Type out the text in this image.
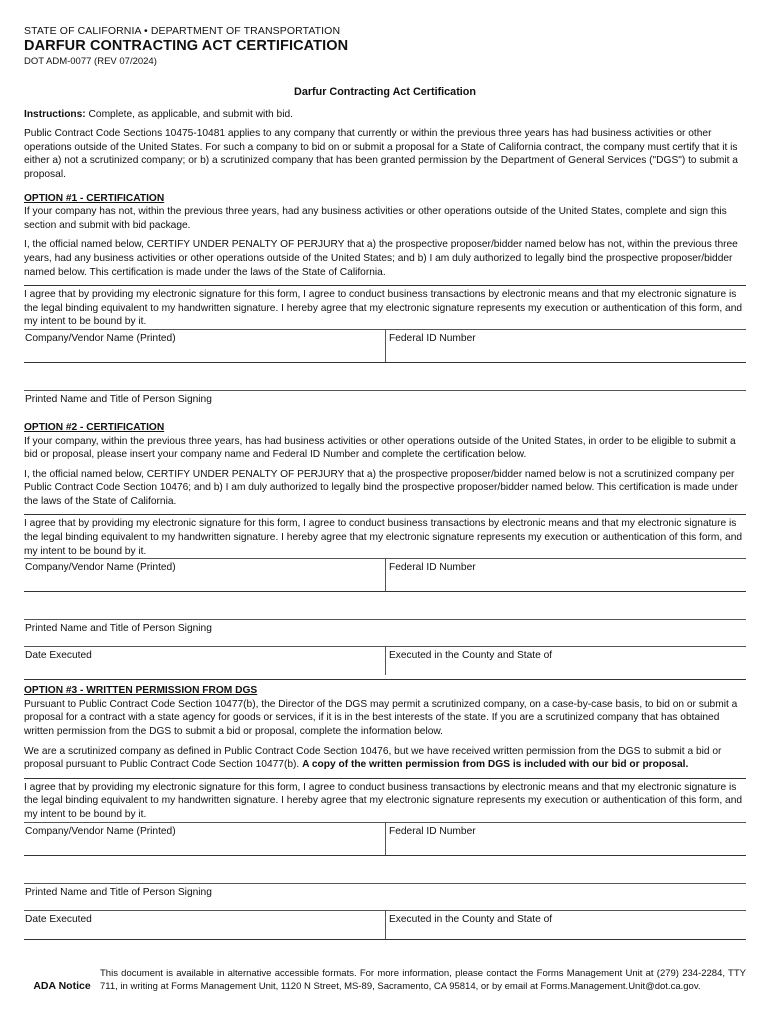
STATE OF CALIFORNIA • DEPARTMENT OF TRANSPORTATION
DARFUR CONTRACTING ACT CERTIFICATION
DOT ADM-0077 (REV 07/2024)
Darfur Contracting Act Certification

Instructions: Complete, as applicable, and submit with bid.

Public Contract Code Sections 10475-10481 applies to any company that currently or within the previous three years has had business activities or other operations outside of the United States. For such a company to bid on or submit a proposal for a State of California contract, the company must certify that it is either a) not a scrutinized company; or b) a scrutinized company that has been granted permission by the Department of General Services ("DGS") to submit a proposal.

OPTION #1 - CERTIFICATION

If your company has not, within the previous three years, had any business activities or other operations outside of the United States, complete and sign this section and submit with bid package.

I, the official named below, CERTIFY UNDER PENALTY OF PERJURY that a) the prospective proposer/bidder named below has not, within the previous three years, had any business activities or other operations outside of the United States; and b) I am duly authorized to legally bind the prospective proposer/bidder named below. This certification is made under the laws of the State of California.

I agree that by providing my electronic signature for this form, I agree to conduct business transactions by electronic means and that my electronic signature is the legal binding equivalent to my handwritten signature. I hereby agree that my electronic signature represents my execution or authentication of this form, and my intent to be bound by it.
Company/Vendor Name (Printed)	Federal ID Number
Printed Name and Title of Person Signing
OPTION #2 - CERTIFICATION

If your company, within the previous three years, has had business activities or other operations outside of the United States, in order to be eligible to submit a bid or proposal, please insert your company name and Federal ID Number and complete the certification below.

I, the official named below, CERTIFY UNDER PENALTY OF PERJURY that a) the prospective proposer/bidder named below is not a scrutinized company per Public Contract Code Section 10476; and b) I am duly authorized to legally bind the prospective proposer/bidder named below. This certification is made under the laws of the State of California.

I agree that by providing my electronic signature for this form, I agree to conduct business transactions by electronic means and that my electronic signature is the legal binding equivalent to my handwritten signature. I hereby agree that my electronic signature represents my execution or authentication of this form, and my intent to be bound by it.
Company/Vendor Name (Printed)	Federal ID Number
Printed Name and Title of Person Signing
Date Executed	Executed in the County and State of
OPTION #3 - WRITTEN PERMISSION FROM DGS

Pursuant to Public Contract Code Section 10477(b), the Director of the DGS may permit a scrutinized company, on a case-by-case basis, to bid on or submit a proposal for a contract with a state agency for goods or services, if it is in the best interests of the state. If you are a scrutinized company that has obtained written permission from the DGS to submit a bid or proposal, complete the information below.

We are a scrutinized company as defined in Public Contract Code Section 10476, but we have received written permission from the DGS to submit a bid or proposal pursuant to Public Contract Code Section 10477(b). A copy of the written permission from DGS is included with our bid or proposal.

I agree that by providing my electronic signature for this form, I agree to conduct business transactions by electronic means and that my electronic signature is the legal binding equivalent to my handwritten signature. I hereby agree that my electronic signature represents my execution or authentication of this form, and my intent to be bound by it.
Company/Vendor Name (Printed)	Federal ID Number
Printed Name and Title of Person Signing
Date Executed	Executed in the County and State of
ADA Notice
This document is available in alternative accessible formats. For more information, please contact the Forms Management Unit at (279) 234-2284, TTY 711, in writing at Forms Management Unit, 1120 N Street, MS-89, Sacramento, CA 95814, or by email at Forms.Management.Unit@dot.ca.gov.
